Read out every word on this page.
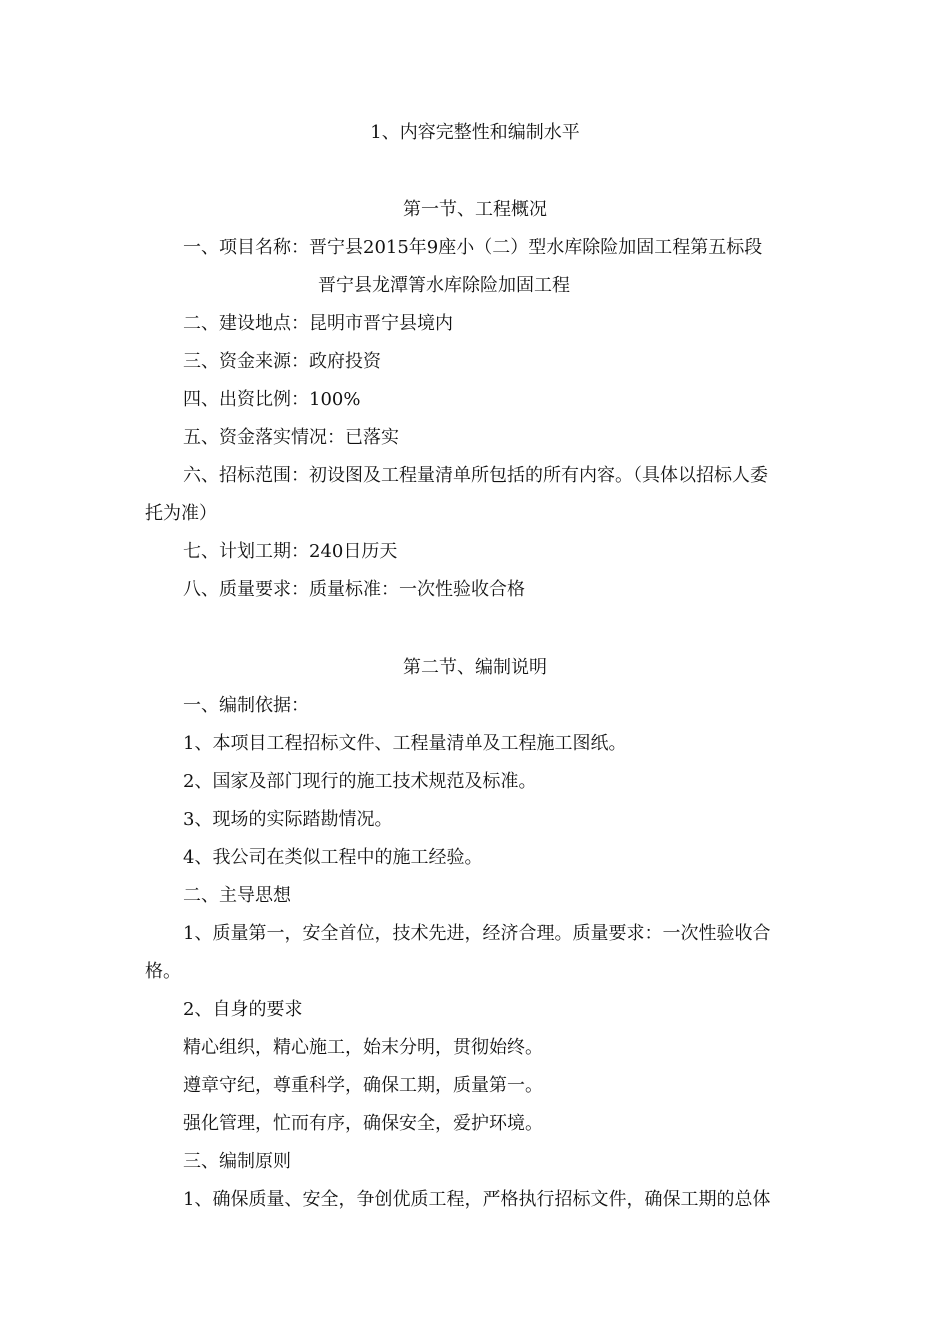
1、内容完整性和编制水平
第一节、工程概况
一、项目名称：晋宁县2015年9座小（二）型水库除险加固工程第五标段
晋宁县龙潭箐水库除险加固工程
二、建设地点：昆明市晋宁县境内
三、资金来源：政府投资
四、出资比例：100%
五、资金落实情况：已落实
六、招标范围：初设图及工程量清单所包括的所有内容。（具体以招标人委
托为准）
七、计划工期：240日历天
八、质量要求：质量标准：一次性验收合格
第二节、编制说明
一、编制依据：
1、本项目工程招标文件、工程量清单及工程施工图纸。
2、国家及部门现行的施工技术规范及标准。
3、现场的实际踏勘情况。
4、我公司在类似工程中的施工经验。
二、主导思想
1、质量第一，安全首位，技术先进，经济合理。质量要求：一次性验收合
格。
2、自身的要求
精心组织，精心施工，始末分明，贯彻始终。
遵章守纪，尊重科学，确保工期，质量第一。
强化管理，忙而有序，确保安全，爱护环境。
三、编制原则
1、确保质量、安全，争创优质工程，严格执行招标文件，确保工期的总体
